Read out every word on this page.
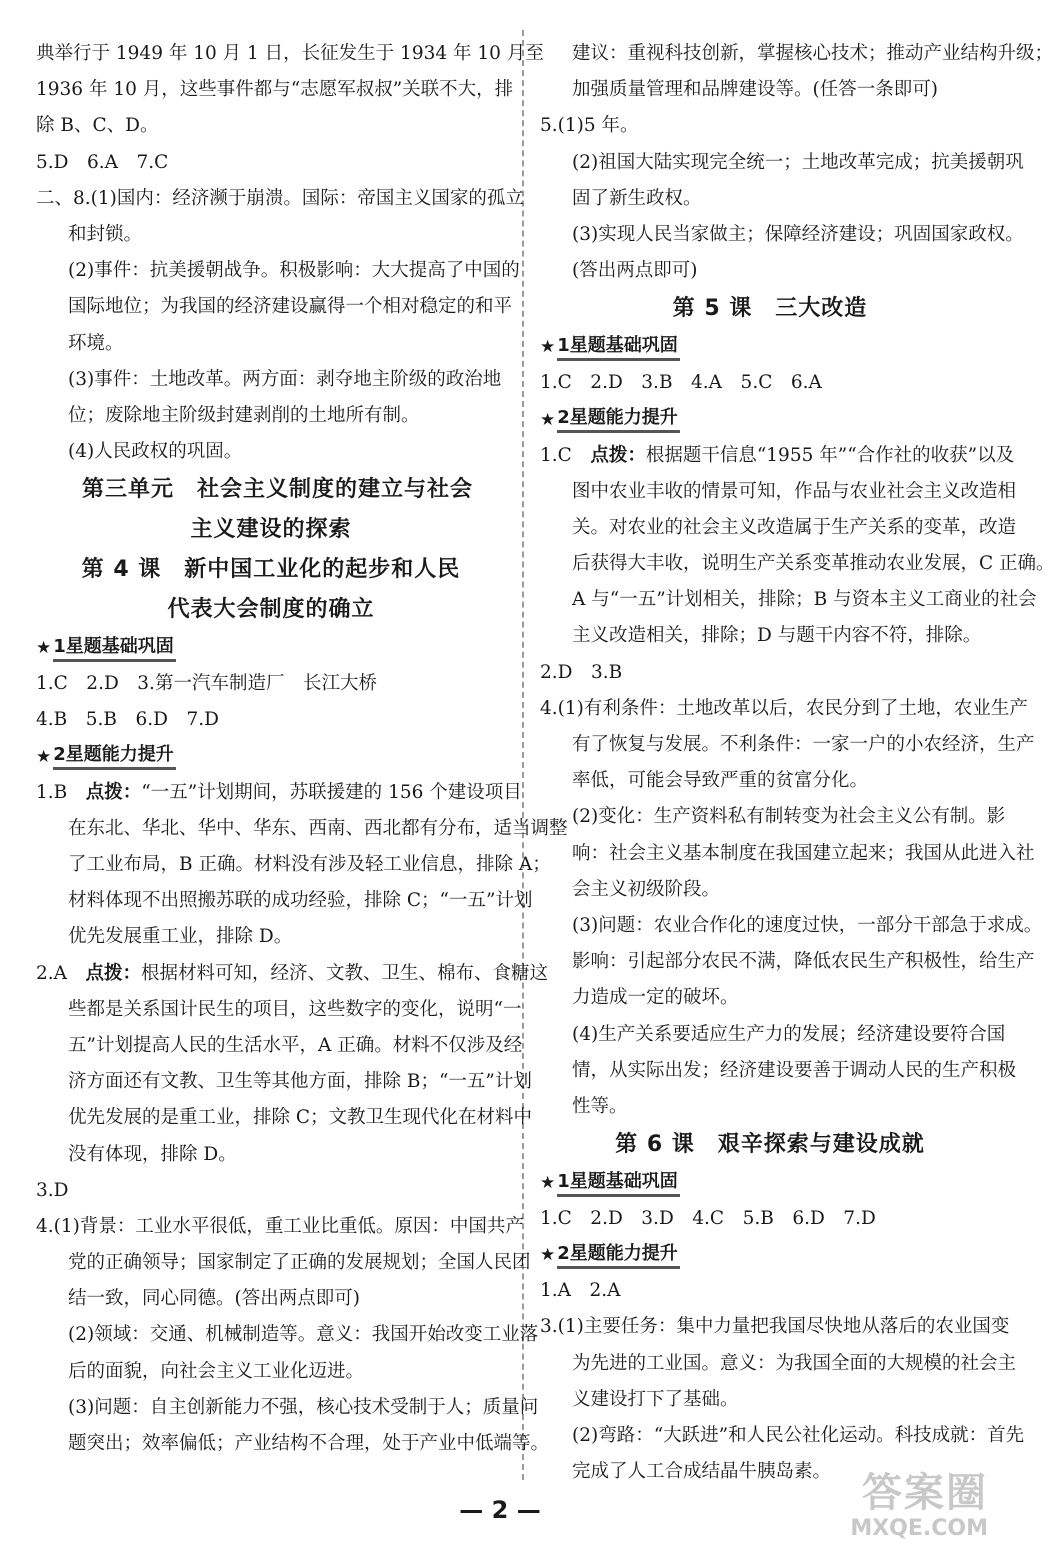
典举行于 1949 年 10 月 1 日，长征发生于 1934 年 10 月至
1936 年 10 月，这些事件都与“志愿军叔叔”关联不大，排
除 B、C、D。
5.D　6.A　7.C
二、8.(1)国内：经济濒于崩溃。国际：帝国主义国家的孤立
和封锁。
(2)事件：抗美援朝战争。积极影响：大大提高了中国的
国际地位；为我国的经济建设赢得一个相对稳定的和平
环境。
(3)事件：土地改革。两方面：剥夺地主阶级的政治地
位；废除地主阶级封建剥削的土地所有制。
(4)人民政权的巩固。
第三单元　社会主义制度的建立与社会
主义建设的探索
第 4 课　新中国工业化的起步和人民
代表大会制度的确立
★ 1星题基础巩固
1.C　2.D　3.第一汽车制造厂　长江大桥
4.B　5.B　6.D　7.D
★ 2星题能力提升
1.B　点拨：“一五”计划期间，苏联援建的 156 个建设项目
在东北、华北、华中、华东、西南、西北都有分布，适当调整
了工业布局，B 正确。材料没有涉及轻工业信息，排除 A；
材料体现不出照搬苏联的成功经验，排除 C；“一五”计划
优先发展重工业，排除 D。
2.A　点拨：根据材料可知，经济、文教、卫生、棉布、食糖这
些都是关系国计民生的项目，这些数字的变化，说明“一
五”计划提高人民的生活水平，A 正确。材料不仅涉及经
济方面还有文教、卫生等其他方面，排除 B；“一五”计划
优先发展的是重工业，排除 C；文教卫生现代化在材料中
没有体现，排除 D。
3.D
4.(1)背景：工业水平很低，重工业比重低。原因：中国共产
党的正确领导；国家制定了正确的发展规划；全国人民团
结一致，同心同德。(答出两点即可)
(2)领域：交通、机械制造等。意义：我国开始改变工业落
后的面貌，向社会主义工业化迈进。
(3)问题：自主创新能力不强，核心技术受制于人；质量问
题突出；效率偏低；产业结构不合理，处于产业中低端等。
建议：重视科技创新，掌握核心技术；推动产业结构升级；
加强质量管理和品牌建设等。(任答一条即可)
5.(1)5 年。
(2)祖国大陆实现完全统一；土地改革完成；抗美援朝巩
固了新生政权。
(3)实现人民当家做主；保障经济建设；巩固国家政权。
(答出两点即可)
第 5 课　三大改造
★ 1星题基础巩固
1.C　2.D　3.B　4.A　5.C　6.A
★ 2星题能力提升
1.C　点拨：根据题干信息“1955 年”“合作社的收获”以及
图中农业丰收的情景可知，作品与农业社会主义改造相
关。对农业的社会主义改造属于生产关系的变革，改造
后获得大丰收，说明生产关系变革推动农业发展，C 正确。
A 与“一五”计划相关，排除；B 与资本主义工商业的社会
主义改造相关，排除；D 与题干内容不符，排除。
2.D　3.B
4.(1)有利条件：土地改革以后，农民分到了土地，农业生产
有了恢复与发展。不利条件：一家一户的小农经济，生产
率低，可能会导致严重的贫富分化。
(2)变化：生产资料私有制转变为社会主义公有制。影
响：社会主义基本制度在我国建立起来；我国从此进入社
会主义初级阶段。
(3)问题：农业合作化的速度过快，一部分干部急于求成。
影响：引起部分农民不满，降低农民生产积极性，给生产
力造成一定的破坏。
(4)生产关系要适应生产力的发展；经济建设要符合国
情，从实际出发；经济建设要善于调动人民的生产积极
性等。
第 6 课　艰辛探索与建设成就
★ 1星题基础巩固
1.C　2.D　3.D　4.C　5.B　6.D　7.D
★ 2星题能力提升
1.A　2.A
3.(1)主要任务：集中力量把我国尽快地从落后的农业国变
为先进的工业国。意义：为我国全面的大规模的社会主
义建设打下了基础。
(2)弯路：“大跃进”和人民公社化运动。科技成就：首先
完成了人工合成结晶牛胰岛素。
— 2 —	答案圈
MXQE.COM
